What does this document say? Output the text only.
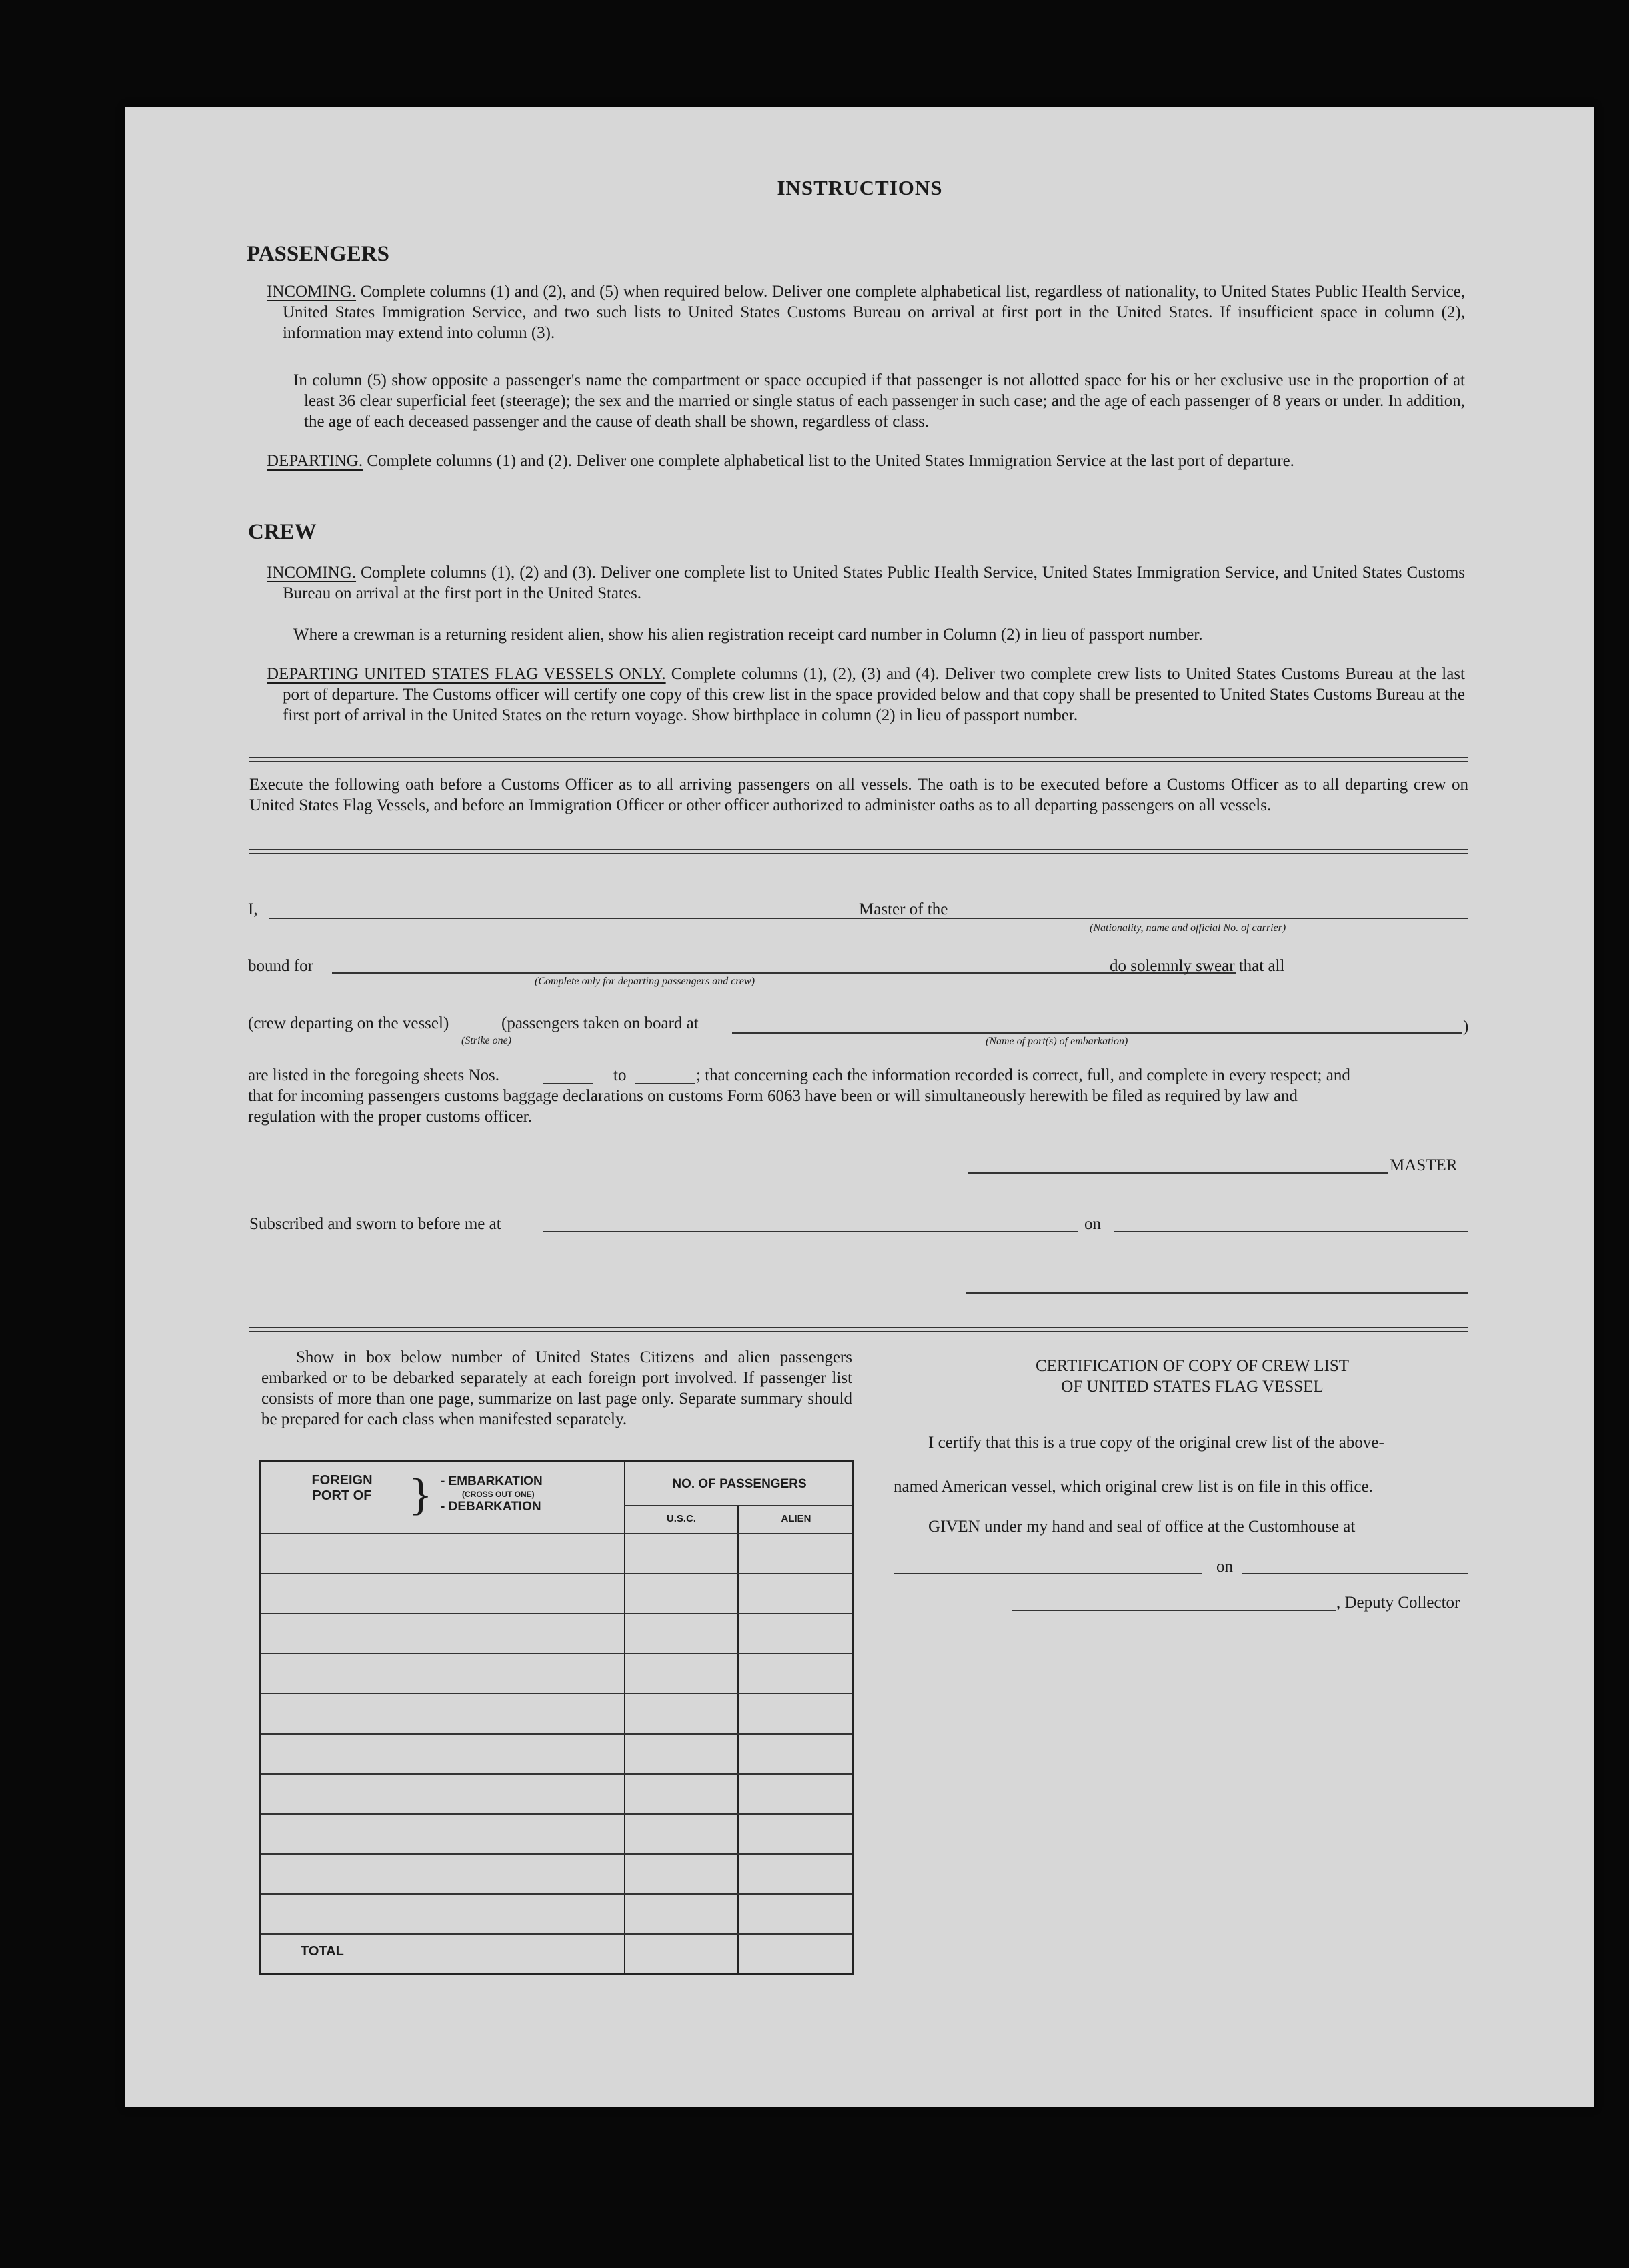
INSTRUCTIONS
PASSENGERS
INCOMING. Complete columns (1) and (2), and (5) when required below. Deliver one complete alphabetical list, regardless of nationality, to United States Public Health Service, United States Immigration Service, and two such lists to United States Customs Bureau on arrival at first port in the United States. If insufficient space in column (2), information may extend into column (3).
In column (5) show opposite a passenger's name the compartment or space occupied if that passenger is not allotted space for his or her exclusive use in the proportion of at least 36 clear superficial feet (steerage); the sex and the married or single status of each passenger in such case; and the age of each passenger of 8 years or under. In addition, the age of each deceased passenger and the cause of death shall be shown, regardless of class.
DEPARTING. Complete columns (1) and (2). Deliver one complete alphabetical list to the United States Immigration Service at the last port of departure.
CREW
INCOMING. Complete columns (1), (2) and (3). Deliver one complete list to United States Public Health Service, United States Immigration Service, and United States Customs Bureau on arrival at the first port in the United States.
Where a crewman is a returning resident alien, show his alien registration receipt card number in Column (2) in lieu of passport number.
DEPARTING UNITED STATES FLAG VESSELS ONLY. Complete columns (1), (2), (3) and (4). Deliver two complete crew lists to United States Customs Bureau at the last port of departure. The Customs officer will certify one copy of this crew list in the space provided below and that copy shall be presented to United States Customs Bureau at the first port of arrival in the United States on the return voyage. Show birthplace in column (2) in lieu of passport number.
Execute the following oath before a Customs Officer as to all arriving passengers on all vessels. The oath is to be executed before a Customs Officer as to all departing crew on United States Flag Vessels, and before an Immigration Officer or other officer authorized to administer oaths as to all departing passengers on all vessels.
I,	Master of the
(Nationality, name and official No. of carrier)
bound for
(Complete only for departing passengers and crew)
do solemnly swear that all
(crew departing on the vessel)
(Strike one)
(passengers taken on board at	)
(Name of port(s) of embarkation)
are listed in the foregoing sheets Nos.	to	; that concerning each the information recorded is correct, full, and complete in every respect; and
that for incoming passengers customs baggage declarations on customs Form 6063 have been or will simultaneously herewith be filed as required by law and
regulation with the proper customs officer.
MASTER
Subscribed and sworn to before me at	on
Show in box below number of United States Citizens and alien passengers embarked or to be debarked separately at each foreign port involved. If passenger list consists of more than one page, summarize on last page only. Separate summary should be prepared for each class when manifested separately.
FOREIGN PORT OF } - EMBARKATION
(CROSS OUT ONE)
- DEBARKATION
NO. OF PASSENGERS
U.S.C.	ALIEN
TOTAL
CERTIFICATION OF COPY OF CREW LIST
OF UNITED STATES FLAG VESSEL
I certify that this is a true copy of the original crew list of the above-
named American vessel, which original crew list is on file in this office.
GIVEN under my hand and seal of office at the Customhouse at
on
, Deputy Collector
